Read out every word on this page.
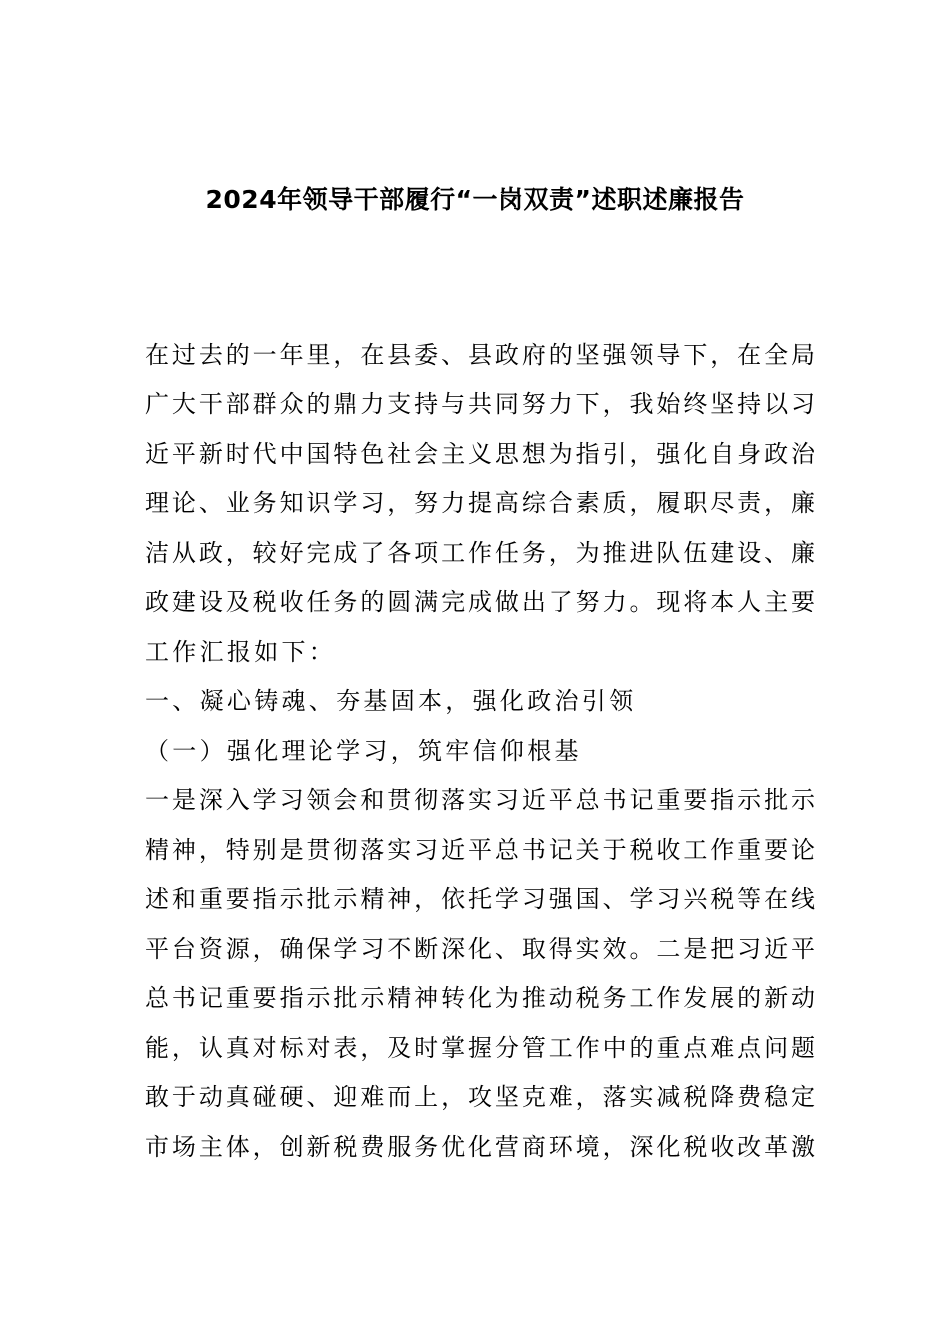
2024年领导干部履行“一岗双责”述职述廉报告
在过去的一年里，在县委、县政府的坚强领导下，在全局
广大干部群众的鼎力支持与共同努力下，我始终坚持以习
近平新时代中国特色社会主义思想为指引，强化自身政治
理论、业务知识学习，努力提高综合素质，履职尽责，廉
洁从政，较好完成了各项工作任务，为推进队伍建设、廉
政建设及税收任务的圆满完成做出了努力。现将本人主要
工作汇报如下：
一、凝心铸魂、夯基固本，强化政治引领
（一）强化理论学习，筑牢信仰根基
一是深入学习领会和贯彻落实习近平总书记重要指示批示
精神，特别是贯彻落实习近平总书记关于税收工作重要论
述和重要指示批示精神，依托学习强国、学习兴税等在线
平台资源，确保学习不断深化、取得实效。二是把习近平
总书记重要指示批示精神转化为推动税务工作发展的新动
能，认真对标对表，及时掌握分管工作中的重点难点问题
敢于动真碰硬、迎难而上，攻坚克难，落实减税降费稳定
市场主体，创新税费服务优化营商环境，深化税收改革激
